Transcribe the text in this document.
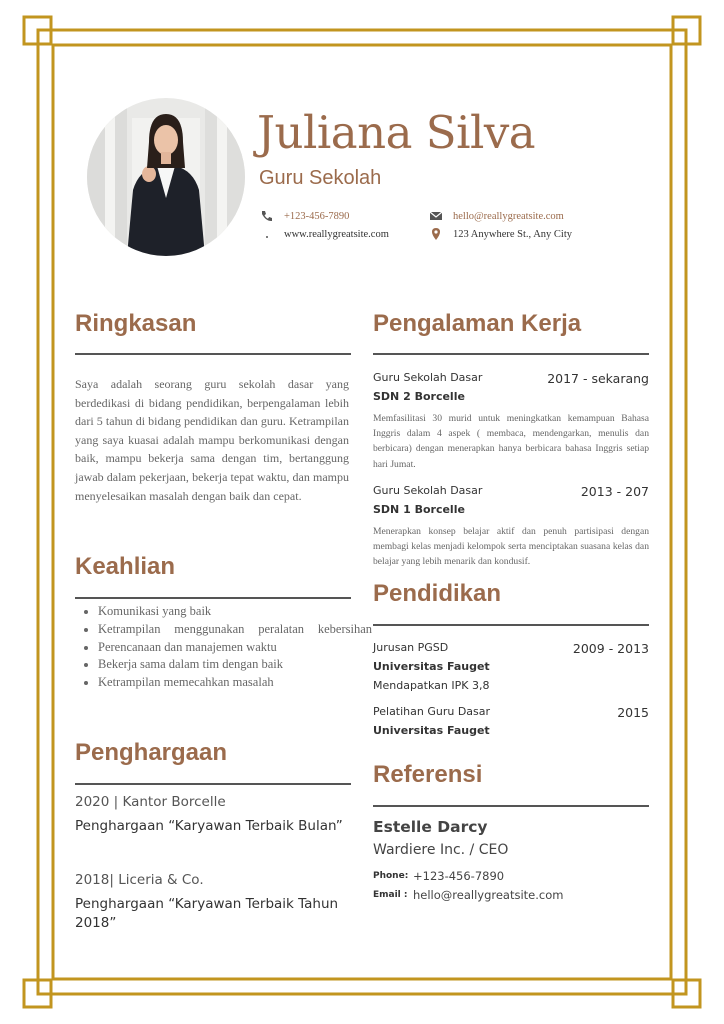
Juliana Silva
Guru Sekolah
+123-456-7890	hello@reallygreatsite.com
www.reallygreatsite.com	123 Anywhere St., Any City
Ringkasan
Saya adalah seorang guru sekolah dasar yang berdedikasi di bidang pendidikan, berpengalaman lebih dari 5 tahun di bidang pendidikan dan guru. Ketrampilan yang saya kuasai adalah mampu berkomunikasi dengan baik, mampu bekerja sama dengan tim, bertanggung jawab dalam pekerjaan, bekerja tepat waktu, dan mampu menyelesaikan masalah dengan baik dan cepat.
Keahlian
• Komunikasi yang baik
• Ketrampilan menggunakan peralatan kebersihan
• Perencanaan dan manajemen waktu
• Bekerja sama dalam tim dengan baik
• Ketrampilan memecahkan masalah
Penghargaan
2020 | Kantor Borcelle
Penghargaan “Karyawan Terbaik Bulan”
2018| Liceria & Co.
Penghargaan “Karyawan Terbaik Tahun 2018”
Pengalaman Kerja
Guru Sekolah Dasar	2017 - sekarang
SDN 2 Borcelle
Memfasilitasi 30 murid untuk meningkatkan kemampuan Bahasa Inggris dalam 4 aspek ( membaca, mendengarkan, menulis dan berbicara) dengan menerapkan hanya berbicara bahasa Inggris setiap hari Jumat.
Guru Sekolah Dasar	2013 - 207
SDN 1 Borcelle
Menerapkan konsep belajar aktif dan penuh partisipasi dengan membagi kelas menjadi kelompok serta menciptakan suasana kelas dan belajar yang lebih menarik dan kondusif.
Pendidikan
Jurusan PGSD	2009 - 2013
Universitas Fauget
Mendapatkan IPK 3,8
Pelatihan Guru Dasar	2015
Universitas Fauget
Referensi
Estelle Darcy
Wardiere Inc. / CEO
Phone: +123-456-7890
Email : hello@reallygreatsite.com
